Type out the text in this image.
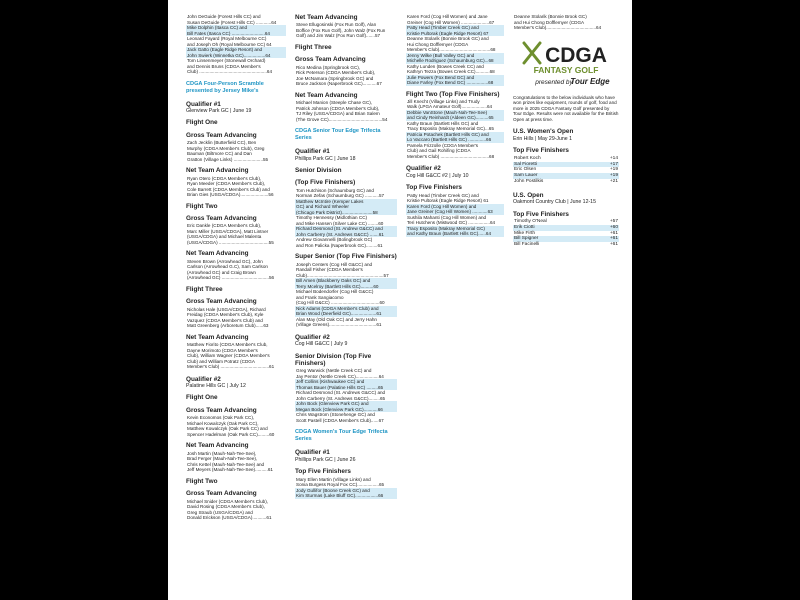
John DeGuide (Forest Hills CC) and
Susan DeGuide (Forest Hills CC) ............64
Mike Dolphin (Itasca CC) and
Bill Fates (Itasca CC) ..........................64
Leonard Fayard (Royal Melbourne CC)
and Joseph Oh (Royal Melbourne CC) 64
Jack Gatto (Eagle Ridge Resort) and
John Swierk (Winnetka GC).................64
Tom Linsenmeyer (Stonewall Orchard)
and Dennis Bruns (CDGA Member's
Club) .....................................................64
CDGA Four-Person Scramble presented by Jersey Mike's
Qualifier #1
Glenview Park GC | June 19
Flight One
Gross Team Advancing
Zach Jecklin (Butterfield CC), Ben
Murphy (CDGA Member's Club), Greg
Bauman (Biltmore CC) and Dan
Gratton (Village Links) .......................55
Net Team Advancing
Ryan Otero (CDGA Member's Club),
Ryan Meeder (CDGA Member's Club),
Cole Barrett (CDGA Member's Club) and
Brian Gies (USGA/CDGA)......................56
Flight Two
Gross Team Advancing
Eric Dankle (CDGA Member's Club),
Marc Miller (USGA/CDGA), Matt Lintner
(USGA/CDGA) and Michael Malenta
(USGA/CDGA) .......................................55
Net Team Advancing
Steven Brown (Arrowhead GC), John
Carlson (Arrowhead G.C), Sam Carlson
(Arrowhead GC) and Craig Brown
(Arrowhead GC) .....................................56
Flight Three
Gross Team Advancing
Nicholas Hale (USGA/CDGA), Richard
Freidag (CDGA Member's Club), Kyle
Vazquez (CDGA Member's Club) and
Matt Greenberg (Arboretum Club)......63
Net Team Advancing
Matthew Fiorito (CDGA Member's Club,
Dayne Morimoto (CDGA Member's
Club), William Wagner (CDGA Member's
Club) and William Potratz (CDGA
Member's Club) ......................................61
Qualifier #2
Palatine Hills GC | July 12
Flight One
Gross Team Advancing
Kevin Economos (Oak Park CC),
Michael Kowalczyk (Oak Park CC),
Matthew Kowalczyk (Oak Park CC) and
Spencer Hadelman (Oak Park CC).........60
Net Team Advancing
Josh Martin (Mauh-Nah-Tee-See),
Brad Ferger (Mauh-Nah-Tee-See),
Chris Kettel (Mauh-Nah-Tee-See) and
Jeff Meyers (Mauh-Nah-Tee-See)..........61
Flight Two
Gross Team Advancing
Michael Snider (CDGA Member's Club),
David Rosing (CDGA Member's Club),
Greg Straub (USGA/CDGA) and
Donald Erickson (USGA/CDGA)...........61
Net Team Advancing
Steve Ellugosinski (Fox Run Golf), Alan
Boffice (Fox Run Golf), John Walz (Fox Run
Golf) and Jim Walz (Fox Run Golf).......57
Flight Three
Gross Team Advancing
Rico Medina (Springbrook GC),
Rick Peterson (CDGA Member's Club),
Joe McNamara (Springbrook GC) and
Bruce Jackson (Naperbrook GC)...........67
Net Team Advancing
Michael Manion (Steeple Chase GC),
Patrick Johnson (CDGA Member's Club),
TJ Riley (USGA/CDGA) and Brian Salem
(The Grove CC)..........................................54
CDGA Senior Tour Edge Trifecta Series
Qualifier #1
Phillips Park GC | June 18
Senior Division
(Top Five Finishers)
Tom Hutchison (Schaumburg GC) and
Norman Zefas (Schaumburg GC) ...........57
Matthew McIntire (Kemper Lakes
GC) and Richard Wheeler
(Chicago Park District)........................58
Timothy Hennessy (Midlothian CC)
and Mike Hansen (Silver Lake CC) ........60
Richard Desmond (St. Andrew G&CC) and
John Carberry (St. Andrews G&CC) .......61
Andrew Giovannelli (Bolingbrook GC)
and Ron Palicka (Naperbrook GC).........61
Super Senior (Top Five Finishers)
Joseph Centers (Cog Hill G&CC) and
Randall Fisher (CDGA Member's
Club)............................................................57
Bill Amen (Blackberry Oaks GC) and
Terry Mcelroy (Bartlett Hills GC)..........60
Michael Bodendorfer (Cog Hill G&CC)
and Frank Sangiacomo
(Cog Hill G&CC) ......................................60
Nick Adams (CDGA Member's Club) and
Brian Wood (Deerfield GC)....................61
Alan May (Old Oak CC) and Jerry Hahn
(Village Greens).....................................61
Qualifier #2
Cog Hill G&CC | July 9
Senior Division (Top Five Finishers)
Greg Warwick (Nettle Creek CC) and
Jay Pentor (Nettle Creek CC)..................64
Jeff Collins (Kishwaukee CC) and
Thomas Bauer (Palatine Hills GC) .........65
Richard Desmond (St. Andrews G&CC) and
John Carberry (St. Andrews G&CC).........65
John Bock (Glenview Park GC) and
Megan Bock (Glenview Park GC)...........66
Chris Wagstrom (Stonehenge GC) and
Scott Pastell (CDGA Member's Club)......67
CDGA Women's Tour Edge Trifecta Series
Qualifier #1
Phillips Park GC | June 26
Top Five Finishers
Mary Ellen Martin (Village Links) and
Sonia Burgess Royal Fox CC).................65
Jody Gullifor (Boone Creek GC) and
Kim Sturmas (Lake Bluff GC)..................66
Karen Ford (Cog Hill Women) and Jane
Greiner (Cog Hill Women) ......................67
Patty Head (Timber Creek GC) and
Kristie Pultorak (Eagle Ridge Resort) 67
Deanne Stolarik (Bonnie Brook GC) and
Hui Chong Dofflemyer (CDGA
Member's Club)........................................68
Jenny Wilke (Bull Valley GC) and
Michelle Rodriguez (Schaumburg GC)...68
Kathy Lunden (Bowes Creek CC) and
Kathryn Tezza (Bowes Creek CC)...........68
Julie Powers (Fox Bend GC) and
Diane Farley (Fox Bend GC) .................68
Flight Two (Top Five Finishers)
Jill Knecht (Village Links) and Trudy
Walk (LPGA Amateur Golf)....................64
Debbie VanStone (Mauh-Nah-Tee-See)
and Cindy Reinhardt (Aldeen GC)..........65
Kathy Braun (Bartlett Hills GC) and
Tracy Esposito (Makray Memorial GC)...65
Patricia Potachek (Bartlett Hills GC) and
Lo Vaccaro (Bartlett Hills GC) ..............66
Pamela Frizzolle (CDGA Member's
Club) and Gail Rohifing (CDGA
Member's Club) ......................................68
Qualifier #2
Cog Hill G&CC #2 | July 10
Top Five Finishers
Patty Head (Timber Creek GC) and
Kristie Pultorak (Eagle Ridge Resort) 61
Karen Ford (Cog Hill Women) and
Jane Greiner (Cog Hill Women) ............63
Sushila Mahanti (Cog Hill Women) and
Teri Hutchens (Mistwood GC) .................64
Tracy Esposito (Makray Memorial GC)
and Kathy Braun (Bartlett Hills GC)......64
Deanne Stolarik (Bonnie Brook GC)
and Hui Chong Dofflemyer (CDGA
Member's Club).......................................64
CDGA
FANTASY GOLF
presented by
Tour Edge

Congratulations to the below individuals who have won prizes like equipment, rounds of golf, food and more in 2025 CDGA Fantasy Golf presented by Tour Edge. Results were not available for the British Open at press time.

U.S. Women's Open
Erin Hills | May 29-June 1
Top Five Finishers
Robert Koch	+14
Sal Fioretti	+17
Eric Olsen	+19
Sam Lauer	+19
John Postilkis	+21
U.S. Open
Oakmont Country Club | June 12-15
Top Five Finishers
Timothy O'Neal	+57
Erik Ciotti	+60
Mike Firth	+61
Bill Spigner	+61
Bill Facinelli	+61
